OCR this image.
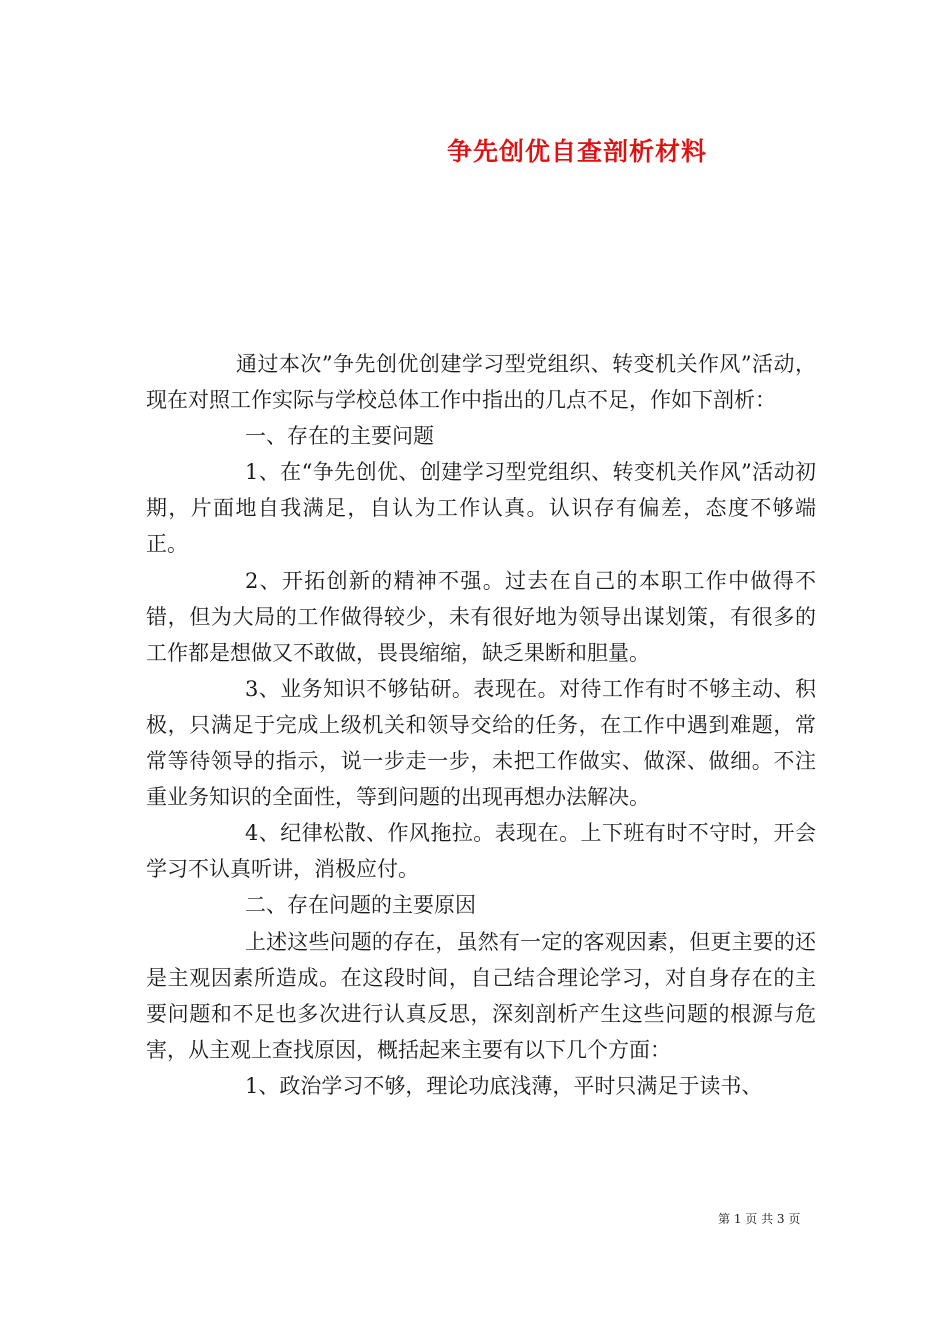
争先创优自查剖析材料

通过本次”争先创优创建学习型党组织、转变机关作风”活动，现在对照工作实际与学校总体工作中指出的几点不足，作如下剖析：

一、存在的主要问题

1、在“争先创优、创建学习型党组织、转变机关作风”活动初期，片面地自我满足，自认为工作认真。认识存有偏差，态度不够端正。

2、开拓创新的精神不强。过去在自己的本职工作中做得不错，但为大局的工作做得较少，未有很好地为领导出谋划策，有很多的工作都是想做又不敢做，畏畏缩缩，缺乏果断和胆量。

3、业务知识不够钻研。表现在。对待工作有时不够主动、积极，只满足于完成上级机关和领导交给的任务，在工作中遇到难题，常常等待领导的指示，说一步走一步，未把工作做实、做深、做细。不注重业务知识的全面性，等到问题的出现再想办法解决。

4、纪律松散、作风拖拉。表现在。上下班有时不守时，开会学习不认真听讲，消极应付。

二、存在问题的主要原因

上述这些问题的存在，虽然有一定的客观因素，但更主要的还是主观因素所造成。在这段时间，自己结合理论学习，对自身存在的主要问题和不足也多次进行认真反思，深刻剖析产生这些问题的根源与危害，从主观上查找原因，概括起来主要有以下几个方面：

1、政治学习不够，理论功底浅薄，平时只满足于读书、

第 1 页 共 3 页
